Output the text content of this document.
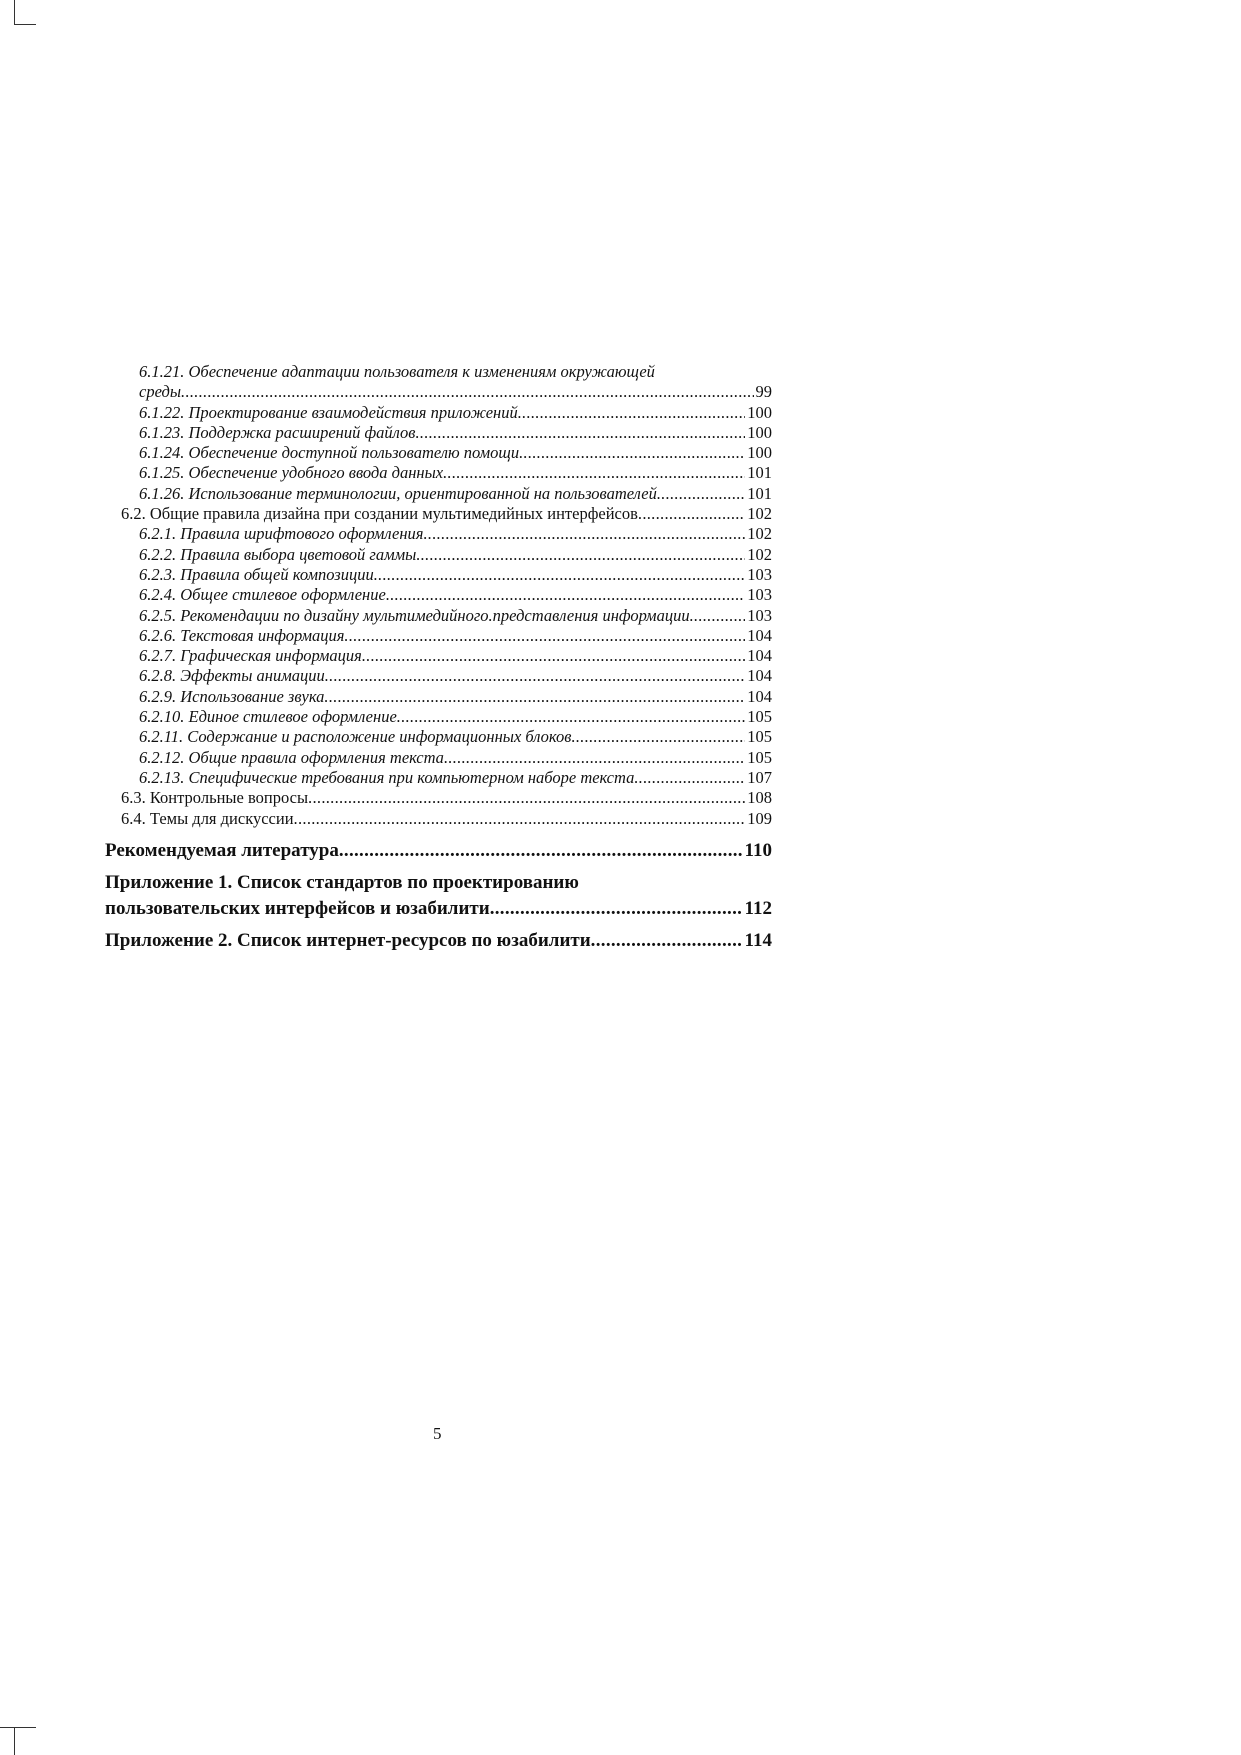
6.1.21. Обеспечение адаптации пользователя к изменениям окружающей
среды .....	99
6.1.22. Проектирование взаимодействия приложений .....	100
6.1.23. Поддержка расширений файлов .....	100
6.1.24. Обеспечение доступной пользователю помощи .....	100
6.1.25. Обеспечение удобного ввода данных .....	101
6.1.26. Использование терминологии, ориентированной на пользователей .....	101
6.2. Общие правила дизайна при создании мультимедийных интерфейсов .....	102
6.2.1. Правила шрифтового оформления .....	102
6.2.2. Правила выбора цветовой гаммы .....	102
6.2.3. Правила общей композиции .....	103
6.2.4. Общее стилевое оформление .....	103
6.2.5. Рекомендации по дизайну мультимедийного.представления информации .....	103
6.2.6. Текстовая информация .....	104
6.2.7. Графическая информация .....	104
6.2.8. Эффекты анимации .....	104
6.2.9. Использование звука .....	104
6.2.10. Единое стилевое оформление .....	105
6.2.11. Содержание и расположение информационных блоков .....	105
6.2.12. Общие правила оформления текста .....	105
6.2.13. Специфические требования при компьютерном наборе текста .....	107
6.3. Контрольные вопросы .....	108
6.4. Темы для дискуссии .....	109
Рекомендуемая литература .....	110
Приложение 1. Список стандартов по проектированию
пользовательских интерфейсов и юзабилити .....	112
Приложение 2. Список интернет-ресурсов по юзабилити .....	114
5
